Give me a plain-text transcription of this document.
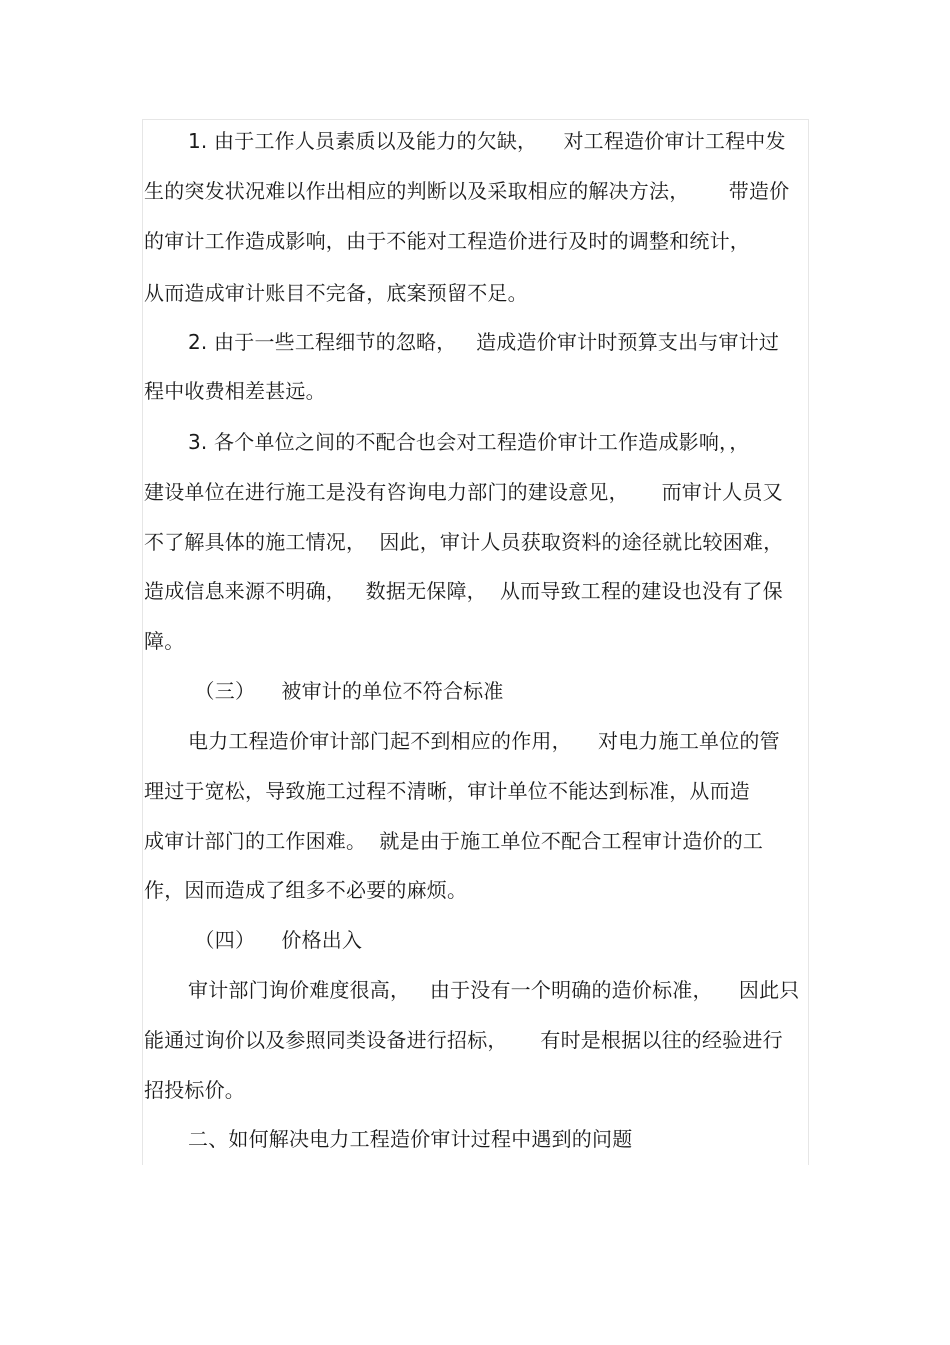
1. 由于工作人员素质以及能力的欠缺，    对工程造价审计工程中发
生的突发状况难以作出相应的判断以及采取相应的解决方法，      带造价
的审计工作造成影响，由于不能对工程造价进行及时的调整和统计，
从而造成审计账目不完备，底案预留不足。
2. 由于一些工程细节的忽略，   造成造价审计时预算支出与审计过
程中收费相差甚远。
3. 各个单位之间的不配合也会对工程造价审计工作造成影响，，
建设单位在进行施工是没有咨询电力部门的建设意见，     而审计人员又
不了解具体的施工情况，  因此，审计人员获取资料的途径就比较困难，
造成信息来源不明确，   数据无保障，  从而导致工程的建设也没有了保
障。
（三）    被审计的单位不符合标准
电力工程造价审计部门起不到相应的作用，    对电力施工单位的管
理过于宽松，导致施工过程不清晰，审计单位不能达到标准，从而造
成审计部门的工作困难。  就是由于施工单位不配合工程审计造价的工
作，因而造成了组多不必要的麻烦。
（四）    价格出入
审计部门询价难度很高，   由于没有一个明确的造价标准，    因此只
能通过询价以及参照同类设备进行招标，     有时是根据以往的经验进行
招投标价。
二、如何解决电力工程造价审计过程中遇到的问题
